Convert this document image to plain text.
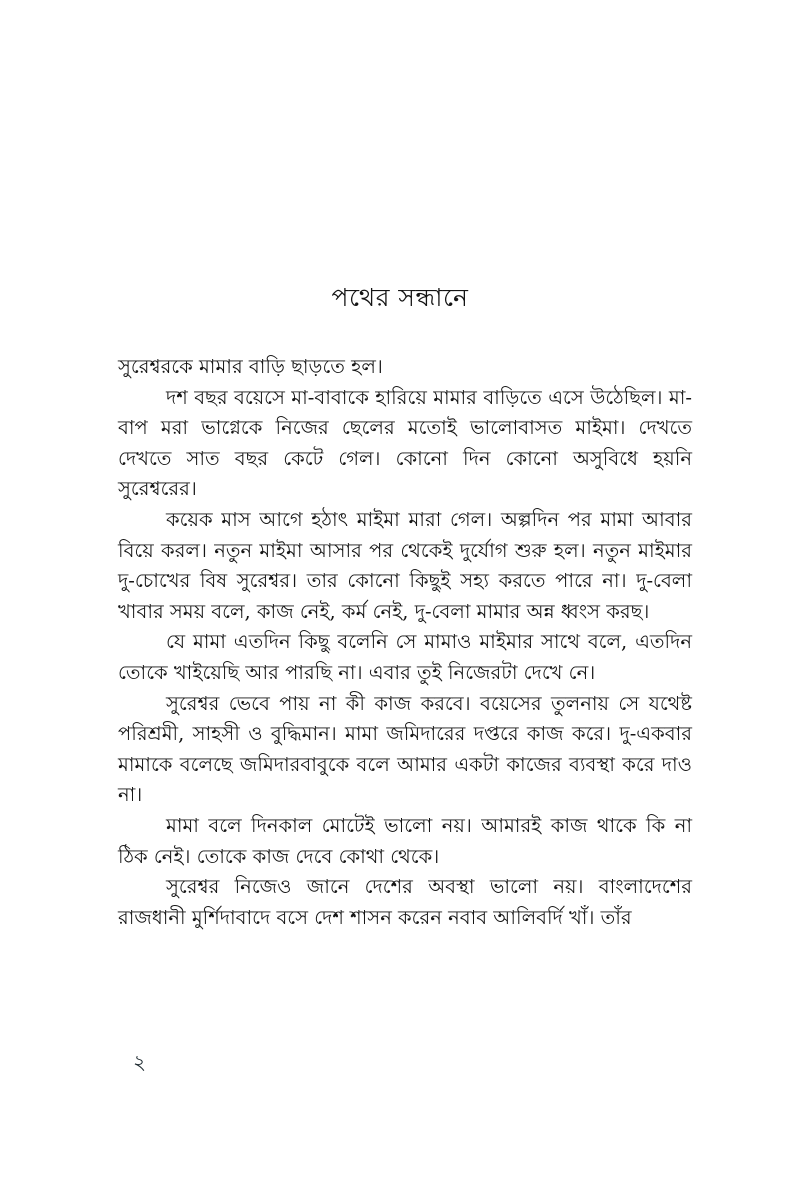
পথের সন্ধানে

সুরেশ্বরকে মামার বাড়ি ছাড়তে হল।

দশ বছর বয়েসে মা-বাবাকে হারিয়ে মামার বাড়িতে এসে উঠেছিল। মা-বাপ মরা ভাগ্নেকে নিজের ছেলের মতোই ভালোবাসত মাইমা। দেখতে দেখতে সাত বছর কেটে গেল। কোনো দিন কোনো অসুবিধে হয়নি সুরেশ্বরের।

কয়েক মাস আগে হঠাৎ মাইমা মারা গেল। অল্পদিন পর মামা আবার বিয়ে করল। নতুন মাইমা আসার পর থেকেই দুর্যোগ শুরু হল। নতুন মাইমার দু-চোখের বিষ সুরেশ্বর। তার কোনো কিছুই সহ্য করতে পারে না। দু-বেলা খাবার সময় বলে, কাজ নেই, কর্ম নেই, দু-বেলা মামার অন্ন ধ্বংস করছ।

যে মামা এতদিন কিছু বলেনি সে মামাও মাইমার সাথে বলে, এতদিন তোকে খাইয়েছি আর পারছি না। এবার তুই নিজেরটা দেখে নে।

সুরেশ্বর ভেবে পায় না কী কাজ করবে। বয়েসের তুলনায় সে যথেষ্ট পরিশ্রমী, সাহসী ও বুদ্ধিমান। মামা জমিদারের দপ্তরে কাজ করে। দু-একবার মামাকে বলেছে জমিদারবাবুকে বলে আমার একটা কাজের ব্যবস্থা করে দাও না।

মামা বলে দিনকাল মোটেই ভালো নয়। আমারই কাজ থাকে কি না ঠিক নেই। তোকে কাজ দেবে কোথা থেকে।

সুরেশ্বর নিজেও জানে দেশের অবস্থা ভালো নয়। বাংলাদেশের রাজধানী মুর্শিদাবাদে বসে দেশ শাসন করেন নবাব আলিবর্দি খাঁ। তাঁর

২
